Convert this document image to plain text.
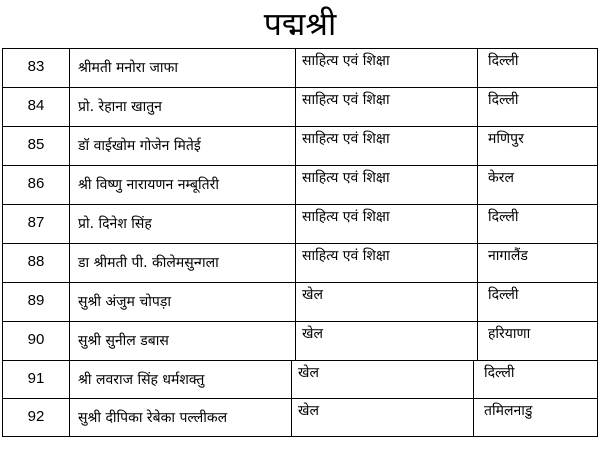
पद्मश्री
83	श्रीमती मनोरा जाफा	साहित्य एवं शिक्षा	दिल्ली
84	प्रो. रेहाना खातुन	साहित्य एवं शिक्षा	दिल्ली
85	डॉ वाईखोम गोजेन मितेई	साहित्य एवं शिक्षा	मणिपुर
86	श्री विष्णु नारायणन नम्बूतिरी	साहित्य एवं शिक्षा	केरल
87	प्रो. दिनेश सिंह	साहित्य एवं शिक्षा	दिल्ली
88	डा श्रीमती पी. कीलेमसुन्गला	साहित्य एवं शिक्षा	नागालैंड
89	सुश्री अंजुम चोपड़ा	खेल	दिल्ली
90	सुश्री सुनील डबास	खेल	हरियाणा
91	श्री लवराज सिंह धर्मशक्तु	खेल	दिल्ली
92	सुश्री दीपिका रेबेका पल्लीकल	खेल	तमिलनाडु
